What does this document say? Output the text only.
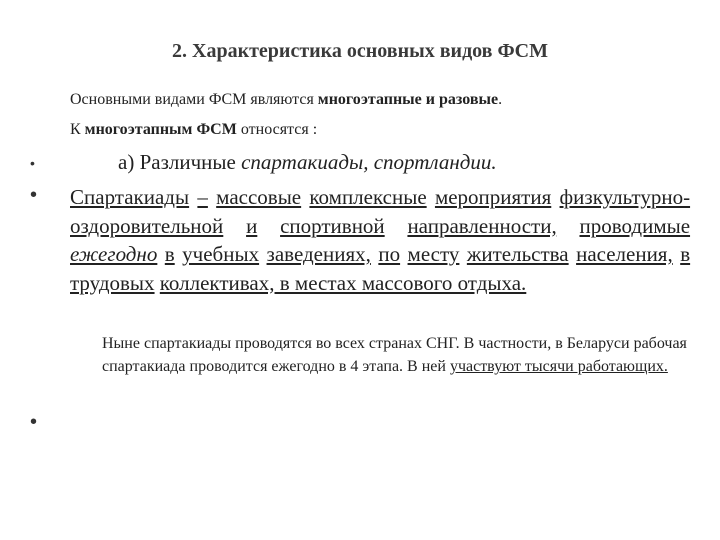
2. Характеристика основных видов ФСМ
Основными видами ФСМ являются многоэтапные и разовые.
К многоэтапным ФСМ относятся :
•	а) Различные спартакиады, спортландии.
• Спартакиады – массовые комплексные мероприятия физкультурно-оздоровительной и спортивной направленности, проводимые ежегодно в учебных заведениях, по месту жительства населения, в трудовых коллективах, в местах массового отдыха.
Ныне спартакиады проводятся во всех странах СНГ. В частности, в Беларуси рабочая спартакиада проводится ежегодно в 4 этапа. В ней участвуют тысячи работающих.
•
